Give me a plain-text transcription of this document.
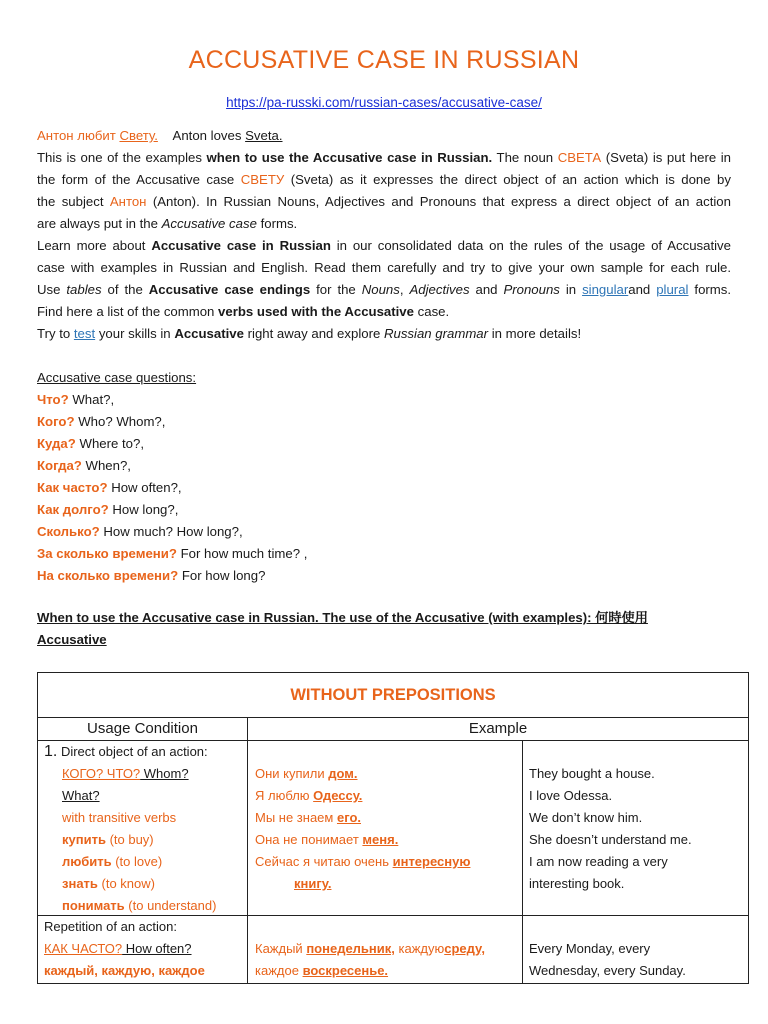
ACCUSATIVE CASE IN RUSSIAN
https://pa-russki.com/russian-cases/accusative-case/
Антон любит Свету. Anton loves Sveta.
This is one of the examples when to use the Accusative case in Russian. The noun СВЕТА (Sveta) is put here in
the form of the Accusative case СВЕТУ (Sveta) as it expresses the direct object of an action which is done by
the subject Антон (Anton). In Russian Nouns, Adjectives and Pronouns that express a direct object of an action
are always put in the Accusative case forms.
Learn more about Accusative case in Russian in our consolidated data on the rules of the usage of Accusative
case with examples in Russian and English. Read them carefully and try to give your own sample for each rule.
Use tables of the Accusative case endings for the Nouns, Adjectives and Pronouns in singularand plural forms.
Find here a list of the common verbs used with the Accusative case.
Try to test your skills in Accusative right away and explore Russian grammar in more details!
Accusative case questions:
Что? What?,
Кого? Who? Whom?,
Куда? Where to?,
Когда? When?,
Как часто? How often?,
Как долго? How long?,
Сколько? How much? How long?,
За сколько времени? For how much time? ,
На сколько времени? For how long?
When to use the Accusative case in Russian. The use of the Accusative (with examples): 何時使用
Accusative
WITHOUT PREPOSITIONS
Usage Condition	Example
1. Direct object of an action:
КОГО? ЧТО? Whom?
What?
with transitive verbs
купить (to buy)
любить (to love)
знать (to know)
понимать (to understand)
Они купили дом.
Я люблю Одессу.
Мы не знаем его.
Она не понимает меня.
Сейчас я читаю очень интересную
книгу.
They bought a house.
I love Odessa.
We don’t know him.
She doesn’t understand me.
I am now reading a very
interesting book.
Repetition of an action:
КАК ЧАСТО? How often?
каждый, каждую, каждое
Каждый понедельник, каждуюсреду,
каждое воскресенье.
Every Monday, every
Wednesday, every Sunday.
